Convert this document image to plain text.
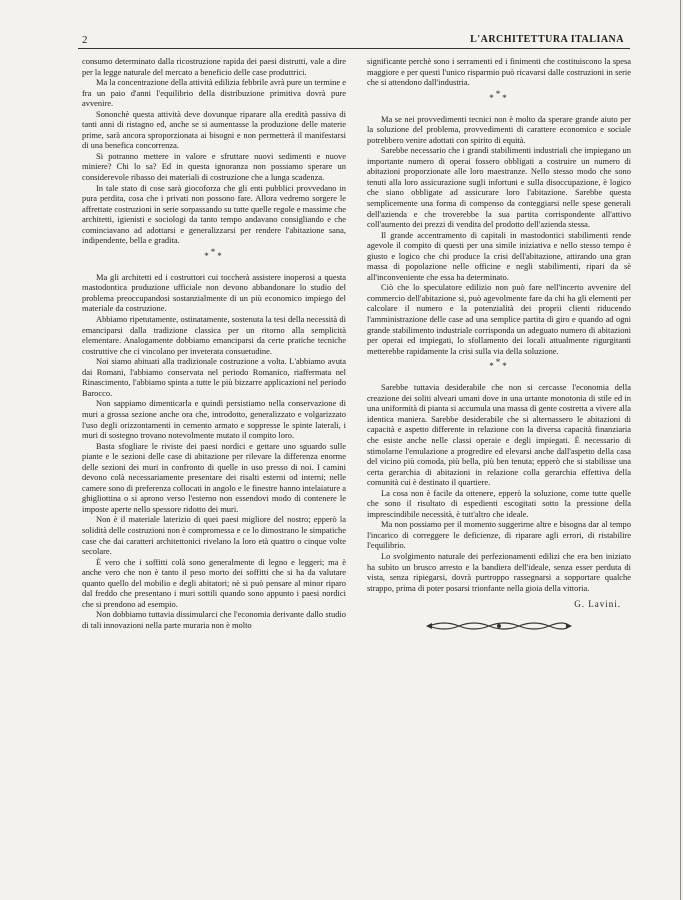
2	L'ARCHITETTURA ITALIANA

consumo determinato dalla ricostruzione rapida dei paesi distrutti, vale a dire per la legge naturale del mercato a beneficio delle case produttrici.

Ma la concentrazione della attività edilizia febbrile avrà pure un termine e fra un paio d'anni l'equilibrio della distribuzione primitiva dovrà pure avvenire.

Sononchè questa attività deve dovunque riparare alla eredità passiva di tanti anni di ristagno ed, anche se si aumentasse la produzione delle materie prime, sarà ancora sproporzionata ai bisogni e non permetterà il manifestarsi di una benefica concorrenza.

Si potranno mettere in valore e sfruttare nuovi sedimenti e nuove miniere? Chi lo sa? Ed in questa ignoranza non possiamo sperare un considerevole ribasso dei materiali di costruzione che a lunga scadenza.

In tale stato di cose sarà giocoforza che gli enti pubblici provvedano in pura perdita, cosa che i privati non possono fare. Allora vedremo sorgere le affrettate costruzioni in serie sorpassando su tutte quelle regole e massime che architetti, igienisti e sociologi da tanto tempo andavano consigliando e che cominciavano ad adottarsi e generalizzarsi per rendere l'abitazione sana, indipendente, bella e gradita.

***

Ma gli architetti ed i costruttori cui toccherà assistere inoperosi a questa mastodontica produzione ufficiale non devono abbandonare lo studio del problema preoccupandosi sostanzialmente di un più economico impiego del materiale da costruzione.

Abbiamo ripetutamente, ostinatamente, sostenuta la tesi della necessità di emanciparsi dalla tradizione classica per un ritorno alla semplicità elementare. Analogamente dobbiamo emanciparsi da certe pratiche tecniche costruttive che ci vincolano per inveterata consuetudine.

Noi siamo abituati alla tradizionale costruzione a volta. L'abbiamo avuta dai Romani, l'abbiamo conservata nel periodo Romanico, riaffermata nel Rinascimento, l'abbiamo spinta a tutte le più bizzarre applicazioni nel periodo Barocco.

Non sappiamo dimenticarla e quindi persistiamo nella conservazione di muri a grossa sezione anche ora che, introdotto, generalizzato e volgarizzato l'uso degli orizzontamenti in cemento armato e soppresse le spinte laterali, i muri di sostegno trovano notevolmente mutato il compito loro.

Basta sfogliare le riviste dei paesi nordici e gettare uno sguardo sulle piante e le sezioni delle case di abitazione per rilevare la differenza enorme delle sezioni dei muri in confronto di quelle in uso presso di noi. I camini devono colà necessariamente presentare dei risalti esterni od interni; nelle camere sono di preferenza collocati in angolo e le finestre hanno intelaiature a ghigliottina o si aprono verso l'esterno non essendovi modo di contenere le imposte aperte nello spessore ridotto dei muri.

Non è il materiale laterizio di quei paesi migliore del nostro; epperò la solidità delle costruzioni non è compromessa e ce lo dimostrano le simpatiche case che dai caratteri architettonici rivelano la loro età quattro o cinque volte secolare.

È vero che i soffitti colà sono generalmente di legno e leggeri; ma è anche vero che non è tanto il peso morto dei soffitti che si ha da valutare quanto quello del mobilio e degli abitatori; nè si può pensare al minor riparo dal freddo che presentano i muri sottili quando sono appunto i paesi nordici che si prendono ad esempio.

Non dobbiamo tuttavia dissimularci che l'economia derivante dallo studio di tali innovazioni nella parte muraria non è molto

significante perchè sono i serramenti ed i finimenti che costituiscono la spesa maggiore e per questi l'unico risparmio può ricavarsi dalle costruzioni in serie che si attendono dall'industria.

***

Ma se nei provvedimenti tecnici non è molto da sperare grande aiuto per la soluzione del problema, provvedimenti di carattere economico e sociale potrebbero venire adottati con spirito di equità.

Sarebbe necessario che i grandi stabilimenti industriali che impiegano un importante numero di operai fossero obbligati a costruire un numero di abitazioni proporzionate alle loro maestranze. Nello stesso modo che sono tenuti alla loro assicurazione sugli infortuni e sulla disoccupazione, è logico che siano obbligate ad assicurare loro l'abitazione. Sarebbe questa semplicemente una forma di compenso da conteggiarsi nelle spese generali dell'azienda e che troverebbe la sua partita corrispondente all'attivo coll'aumento dei prezzi di vendita del prodotto dell'azienda stessa.

Il grande accentramento di capitali in mastodontici stabilimenti rende agevole il compito di questi per una simile iniziativa e nello stesso tempo è giusto e logico che chi produce la crisi dell'abitazione, attirando una gran massa di popolazione nelle officine e negli stabilimenti, ripari da sè all'inconveniente che essa ha determinato.

Ciò che lo speculatore edilizio non può fare nell'incerto avvenire del commercio dell'abitazione si, può agevolmente fare da chi ha gli elementi per calcolare il numero e la potenzialità dei proprii clienti riducendo l'amministrazione delle case ad una semplice partita di giro e quando ad ogni grande stabilimento industriale corrisponda un adeguato numero di abitazioni per operai ed impiegati, lo sfollamento dei locali attualmente rigurgitanti metterebbe rapidamente la crisi sulla via della soluzione.

***

Sarebbe tuttavia desiderabile che non si cercasse l'economia della creazione dei soliti alveari umani dove in una urtante monotonia di stile ed in una uniformità di pianta si accumula una massa di gente costretta a vivere alla identica maniera. Sarebbe desiderabile che si alternassero le abitazioni di capacità e aspetto differente in relazione con la diversa capacità finanziaria che esiste anche nelle classi operaie e degli impiegati. È necessario di stimolarne l'emulazione a progredire ed elevarsi anche dall'aspetto della casa del vicino più comoda, più bella, più ben tenuta; epperò che si stabilisse una certa gerarchia di abitazioni in relazione colla gerarchia effettiva della comunità cui è destinato il quartiere.

La cosa non è facile da ottenere, epperò la soluzione, come tutte quelle che sono il risultato di espedienti escogitati sotto la pressione della imprescindibile necessità, è tutt'altro che ideale.

Ma non possiamo per il momento suggerirne altre e bisogna dar al tempo l'incarico di correggere le deficienze, di riparare agli errori, di ristabilire l'equilibrio.

Lo svolgimento naturale dei perfezionamenti edilizi che era ben iniziato ha subìto un brusco arresto e la bandiera dell'ideale, senza esser perduta di vista, senza ripiegarsi, dovrà purtroppo rassegnarsi a sopportare qualche strappo, prima di poter posarsi trionfante nella gioia della vittoria.

G. Lavini.
